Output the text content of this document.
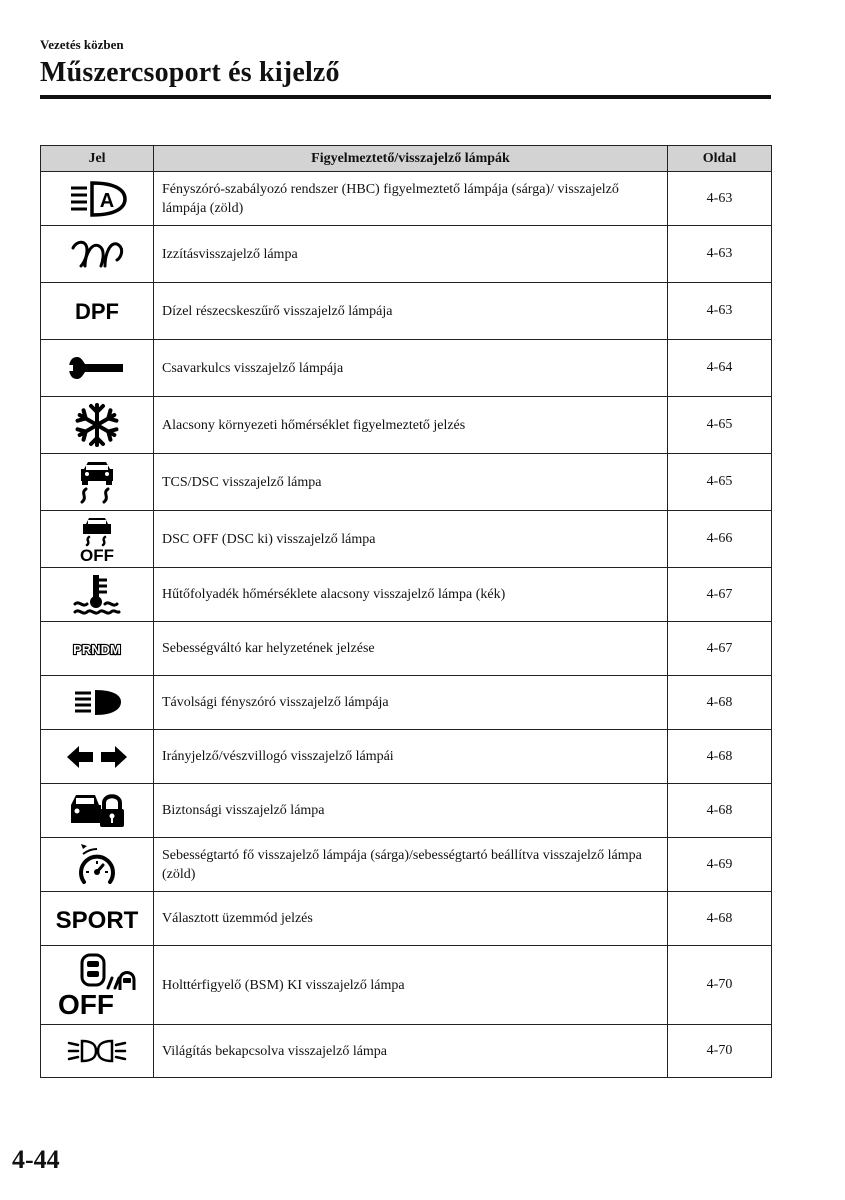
Vezetés közben
Műszercsoport és kijelző
Jel	Figyelmeztető/visszajelző lámpák	Oldal

A	Fényszóró-szabályozó rendszer (HBC) figyelmeztető lámpája (sárga)/ visszajelző lámpája (zöld)	4-63

	Izzításvisszajelző lámpa	4-63

DPF	Dízel részecskeszűrő visszajelző lámpája	4-63

	Csavarkulcs visszajelző lámpája	4-64

	Alacsony környezeti hőmérséklet figyelmeztető jelzés	4-65

	TCS/DSC visszajelző lámpa	4-65

OFF	DSC OFF (DSC ki) visszajelző lámpa	4-66

	Hűtőfolyadék hőmérséklete alacsony visszajelző lámpa (kék)	4-67

PRNDM	Sebességváltó kar helyzetének jelzése	4-67

	Távolsági fényszóró visszajelző lámpája	4-68

	Irányjelző/vészvillogó visszajelző lámpái	4-68

	Biztonsági visszajelző lámpa	4-68

	Sebességtartó fő visszajelző lámpája (sárga)/sebességtartó beállítva visszajelző lámpa (zöld)	4-69

SPORT	Választott üzemmód jelzés	4-68

OFF	Holttérfigyelő (BSM) KI visszajelző lámpa	4-70

	Világítás bekapcsolva visszajelző lámpa	4-70
4-44
